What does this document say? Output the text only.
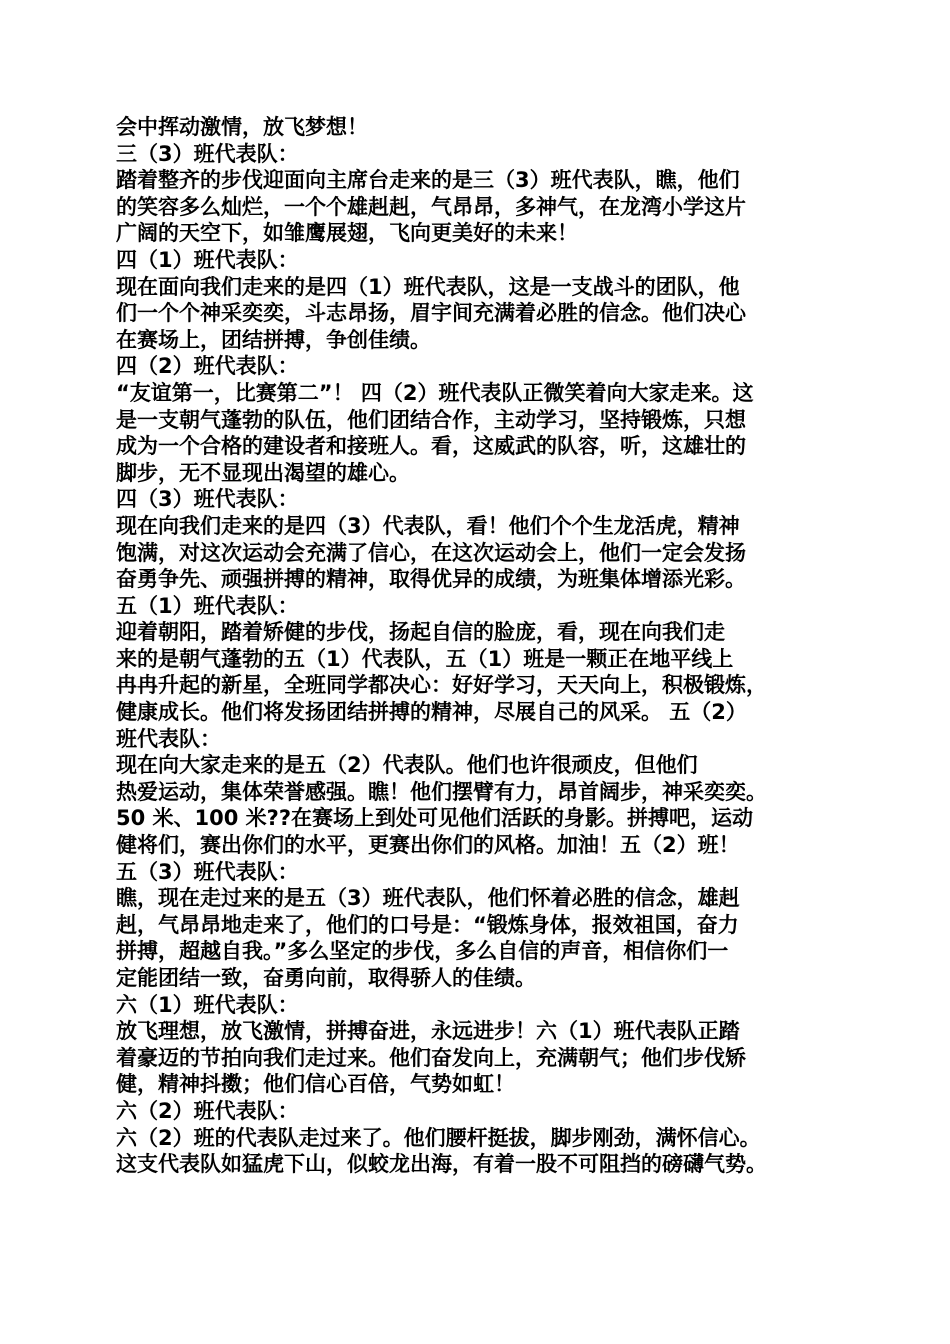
会中挥动激情，放飞梦想！
三（3）班代表队：
踏着整齐的步伐迎面向主席台走来的是三（3）班代表队，瞧，他们
的笑容多么灿烂，一个个雄赳赳，气昂昂，多神气，在龙湾小学这片
广阔的天空下，如雏鹰展翅，飞向更美好的未来！
四（1）班代表队：
现在面向我们走来的是四（1）班代表队，这是一支战斗的团队，他
们一个个神采奕奕，斗志昂扬，眉宇间充满着必胜的信念。他们决心
在赛场上，团结拼搏，争创佳绩。
四（2）班代表队：
“友谊第一，比赛第二”！ 四（2）班代表队正微笑着向大家走来。这
是一支朝气蓬勃的队伍，他们团结合作，主动学习，坚持锻炼，只想
成为一个合格的建设者和接班人。看，这威武的队容，听，这雄壮的
脚步，无不显现出渴望的雄心。
四（3）班代表队：
现在向我们走来的是四（3）代表队，看！他们个个生龙活虎，精神
饱满，对这次运动会充满了信心，在这次运动会上，他们一定会发扬
奋勇争先、顽强拼搏的精神，取得优异的成绩，为班集体增添光彩。
五（1）班代表队：
迎着朝阳，踏着矫健的步伐，扬起自信的脸庞，看，现在向我们走
来的是朝气蓬勃的五（1）代表队，五（1）班是一颗正在地平线上
冉冉升起的新星，全班同学都决心：好好学习，天天向上，积极锻炼，
健康成长。他们将发扬团结拼搏的精神，尽展自己的风采。 五（2）
班代表队：
现在向大家走来的是五（2）代表队。他们也许很顽皮，但他们
热爱运动，集体荣誉感强。瞧！他们摆臂有力，昂首阔步，神采奕奕。
50 米、100 米??在赛场上到处可见他们活跃的身影。拼搏吧，运动
健将们，赛出你们的水平，更赛出你们的风格。加油！五（2）班！
五（3）班代表队：
瞧，现在走过来的是五（3）班代表队，他们怀着必胜的信念，雄赳
赳，气昂昂地走来了，他们的口号是：“锻炼身体，报效祖国，奋力
拼搏，超越自我。”多么坚定的步伐，多么自信的声音，相信你们一
定能团结一致，奋勇向前，取得骄人的佳绩。
六（1）班代表队：
放飞理想，放飞激情，拼搏奋进，永远进步！六（1）班代表队正踏
着豪迈的节拍向我们走过来。他们奋发向上，充满朝气；他们步伐矫
健，精神抖擞；他们信心百倍，气势如虹！
六（2）班代表队：
六（2）班的代表队走过来了。他们腰杆挺拔，脚步刚劲，满怀信心。
这支代表队如猛虎下山，似蛟龙出海，有着一股不可阻挡的磅礴气势。
